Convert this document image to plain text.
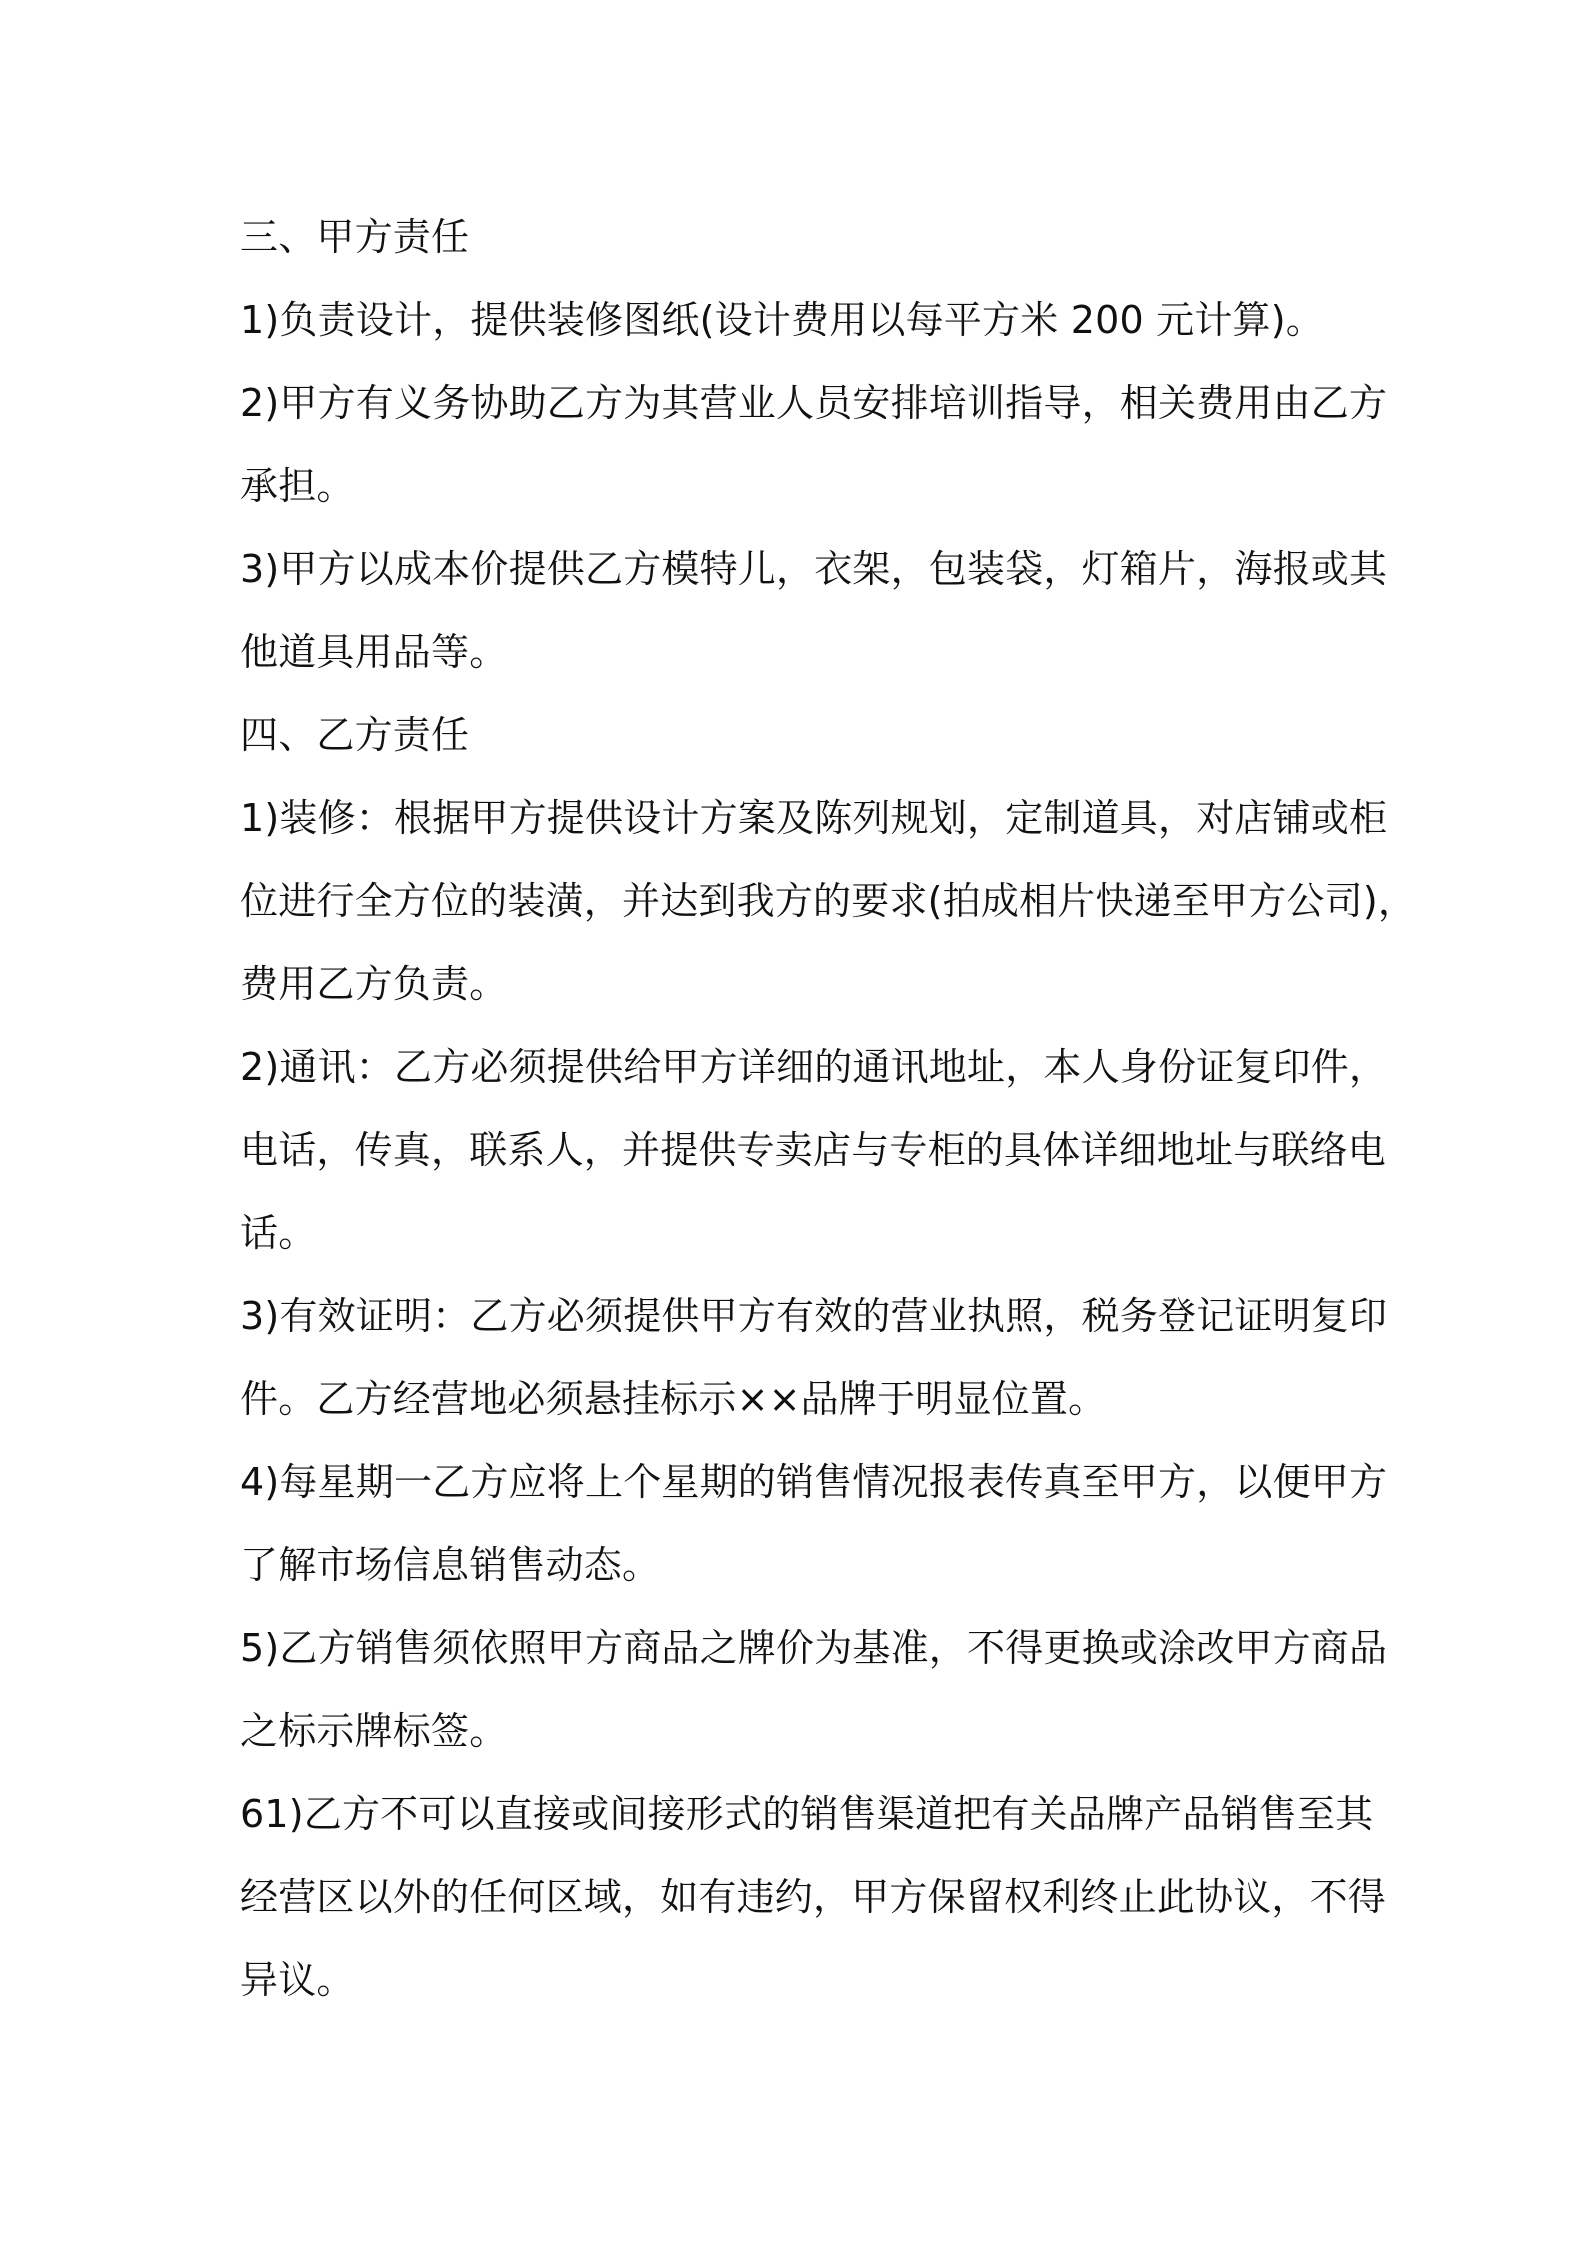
三、甲方责任
1)负责设计，提供装修图纸(设计费用以每平方米 200 元计算)。
2)甲方有义务协助乙方为其营业人员安排培训指导，相关费用由乙方
承担。
3)甲方以成本价提供乙方模特儿，衣架，包装袋，灯箱片，海报或其
他道具用品等。
四、乙方责任
1)装修：根据甲方提供设计方案及陈列规划，定制道具，对店铺或柜
位进行全方位的装潢，并达到我方的要求(拍成相片快递至甲方公司)，
费用乙方负责。
2)通讯：乙方必须提供给甲方详细的通讯地址，本人身份证复印件，
电话，传真，联系人，并提供专卖店与专柜的具体详细地址与联络电
话。
3)有效证明：乙方必须提供甲方有效的营业执照，税务登记证明复印
件。乙方经营地必须悬挂标示××品牌于明显位置。
4)每星期一乙方应将上个星期的销售情况报表传真至甲方，以便甲方
了解市场信息销售动态。
5)乙方销售须依照甲方商品之牌价为基准，不得更换或涂改甲方商品
之标示牌标签。
61)乙方不可以直接或间接形式的销售渠道把有关品牌产品销售至其
经营区以外的任何区域，如有违约，甲方保留权利终止此协议，不得
异议。
